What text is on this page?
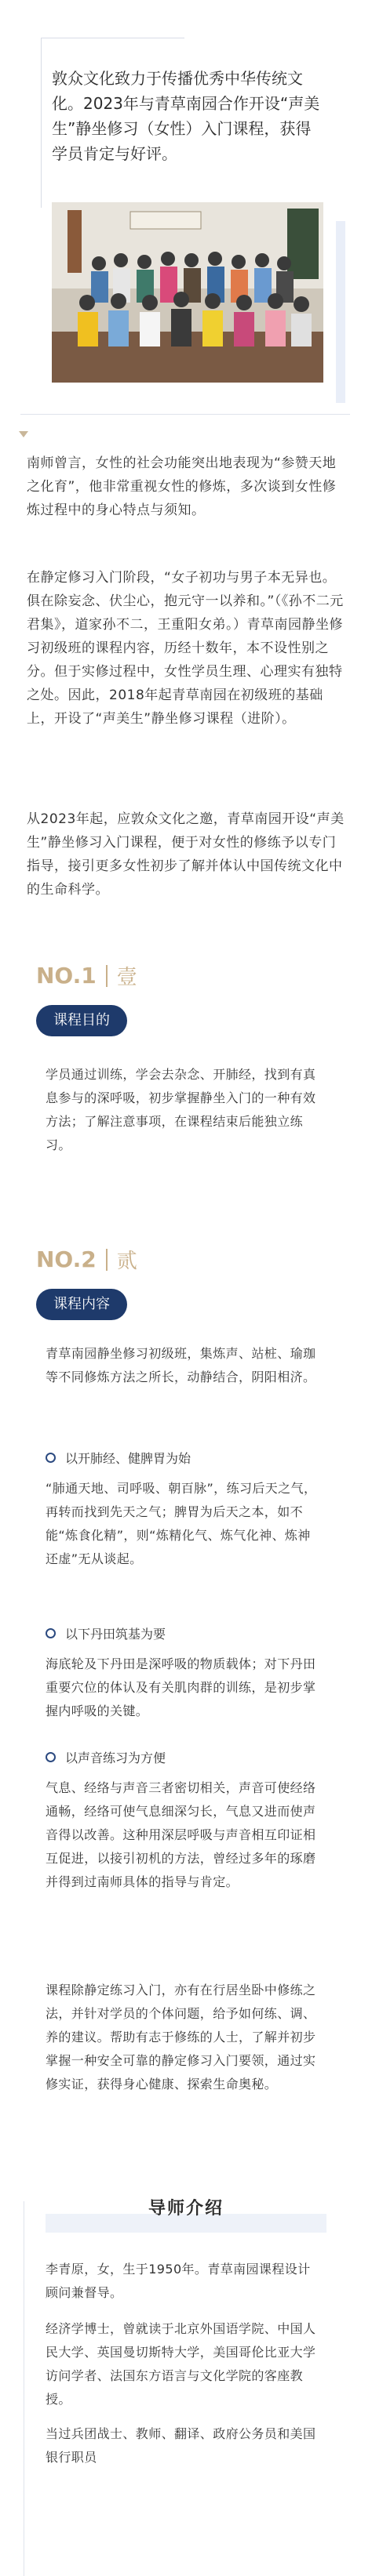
敦众文化致力于传播优秀中华传统文化。2023年与青草南园合作开设“声美生”静坐修习（女性）入门课程，获得学员肯定与好评。
南师曾言，女性的社会功能突出地表现为“参赞天地之化育”，他非常重视女性的修炼，多次谈到女性修炼过程中的身心特点与须知。
在静定修习入门阶段，“女子初功与男子本无异也。俱在除妄念、伏尘心，抱元守一以养和。”（《孙不二元君集》，道家孙不二，王重阳女弟。）青草南园静坐修习初级班的课程内容，历经十数年，本不设性别之分。但于实修过程中，女性学员生理、心理实有独特之处。因此，2018年起青草南园在初级班的基础上，开设了“声美生”静坐修习课程（进阶）。
从2023年起，应敦众文化之邀，青草南园开设“声美生”静坐修习入门课程，便于对女性的修练予以专门指导，接引更多女性初步了解并体认中国传统文化中的生命科学。
NO.1 壹
课程目的
学员通过训练，学会去杂念、开肺经，找到有真息参与的深呼吸，初步掌握静坐入门的一种有效方法；了解注意事项，在课程结束后能独立练习。
NO.2 贰
课程内容
青草南园静坐修习初级班，集炼声、站桩、瑜珈等不同修炼方法之所长，动静结合，阴阳相济。
以开肺经、健脾胃为始
“肺通天地、司呼吸、朝百脉”，练习后天之气，再转而找到先天之气；脾胃为后天之本，如不能“炼食化精”，则“炼精化气、炼气化神、炼神还虚”无从谈起。
以下丹田筑基为要
海底轮及下丹田是深呼吸的物质载体；对下丹田重要穴位的体认及有关肌肉群的训练，是初步掌握内呼吸的关键。
以声音练习为方便
气息、经络与声音三者密切相关，声音可使经络通畅，经络可使气息细深匀长，气息又进而使声音得以改善。这种用深层呼吸与声音相互印证相互促进，以接引初机的方法，曾经过多年的琢磨并得到过南师具体的指导与肯定。
课程除静定练习入门，亦有在行居坐卧中修练之法，并针对学员的个体问题，给予如何练、调、养的建议。帮助有志于修练的人士，了解并初步掌握一种安全可靠的静定修习入门要领，通过实修实证，获得身心健康、探索生命奥秘。
导师介绍
李青原，女，生于1950年。青草南园课程设计顾问兼督导。
经济学博士，曾就读于北京外国语学院、中国人民大学、英国曼切斯特大学，美国哥伦比亚大学访问学者、法国东方语言与文化学院的客座教授。
当过兵团战士、教师、翻译、政府公务员和美国银行职员
